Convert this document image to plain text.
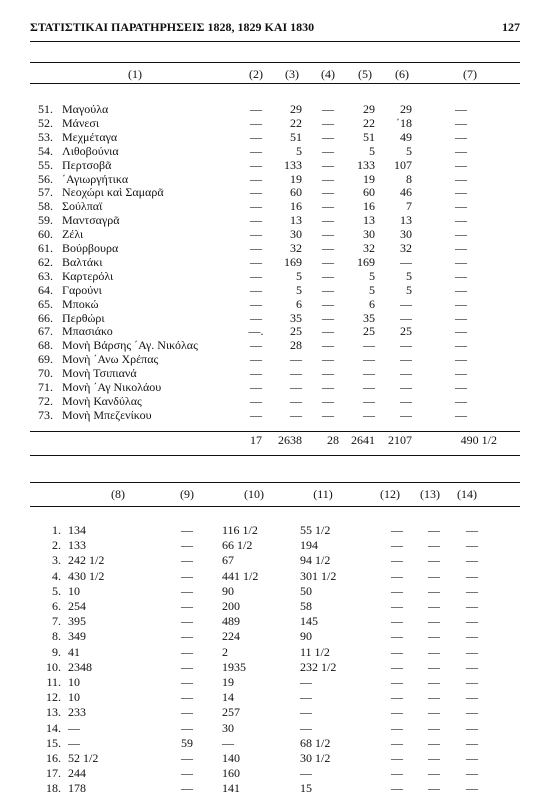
ΣΤΑΤΙΣΤΙΚΑΙ ΠΑΡΑΤΗΡΗΣΕΙΣ 1828, 1829 ΚΑΙ 1830	127
(1)	(2) (3) (4) (5) (6)	(7)
51. Μαγούλα	— 29 — 29 29	—
52. Μάνεσι	— 22 — 22 ΄18	—
53. Μεχμέταγα	— 51 — 51 49	—
54. Λιθοβούνια	—	5 —	5	5	—
55. Περτσοβᾶ	— 133 — 133 107	—
56. ΄Αγιωργήτικα	— 19 — 19	8	—
57. Νεοχώρι καὶ Σαμαρᾶ	— 60 — 60 46	—
58. Σούλπαϊ	— 16 — 16	7	—
59. Μαντσαγρᾶ	— 13 — 13 13	—
60. Ζέλι	— 30 — 30 30	—
61. Βούρβουρα	— 32 — 32 32	—
62. Βαλτάκι	— 169 — 169 —	—
63. Καρτερόλι	—	5 —	5	5	—
64. Γαρούνι	—	5 —	5	5	—
65. Μποκώ	—	6 —	6 —	—
66. Περθώρι	— 35 — 35 —	—
67. Μπασιάκο	—. 25 — 25 25	—
68. Μονὴ Βάρσης ΄Αγ. Νικόλας	— 28 — — —	—
69. Μονὴ ΄Ανω Χρέπας	— — — — —	—
70. Μονὴ Τσιπιανά	— — — — —	—
71. Μονὴ ΄Αγ Νικολάου	— — — — —	—
72. Μονὴ Κανδύλας	— — — — —	—
73. Μονὴ Μπεζενίκου	— — — — —	—
17 2638 28 2641 2107	490 1/2
(8)	(9)	(10)	(11)	(12) (13) (14)
1. 134	— 116 1/2	55 1/2	— — —
2. 133	— 66 1/2	194	— — —
3. 242 1/2	— 67	94 1/2	— — —
4. 430 1/2	— 441 1/2	301 1/2	— — —
5. 10	— 90	50	— — —
6. 254	— 200	58	— — —
7. 395	— 489	145	— — —
8. 349	— 224	90	— — —
9. 41	— 2	11 1/2	— — —
10. 2348	— 1935	232 1/2	— — —
11. 10	— 19	—	— — —
12. 10	— 14	—	— — —
13. 233	— 257	—	— — —
14. —	— 30	—	— — —
15. —	59 —	68 1/2	— — —
16. 52 1/2	— 140	30 1/2	— — —
17. 244	— 160	—	— — —
18. 178	— 141	15	— — —
